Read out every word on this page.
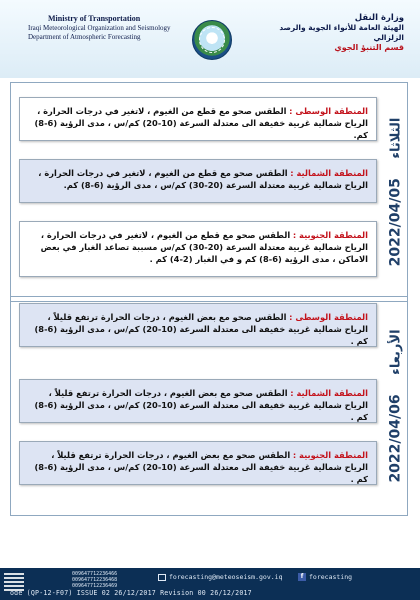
Ministry of Transportation
Iraqi Meteorological Organization and Seismology
Department of Atmospheric Forecasting
وزارة النقل
الهيئة العامة للأنواء الجوية والرصد الزلزالي
قسم التنبؤ الجوي
2022/04/05 الثلاثاء
المنطقة الوسطى : الطقس صحو مع قطع من الغيوم ، لاتغير في درجات الحرارة ، الرياح شمالية غربية خفيفة الى معتدلة السرعة (10-20) كم/س ، مدى الرؤية (6-8) كم.
المنطقة الشمالية : الطقس صحو مع قطع من الغيوم ، لاتغير في درجات الحرارة ، الرياح شمالية غربية معتدلة السرعة (20-30) كم/س ، مدى الرؤية (6-8) كم.
المنطقة الجنوبية : الطقس صحو مع قطع من الغيوم ، لاتغير في درجات الحرارة ، الرياح شمالية غربية معتدلة السرعة (20-30) كم/س مسببة تصاعد الغبار في بعض الاماكن ، مدى الرؤية (6-8) كم و في الغبار (2-4) كم .
2022/04/06 الأربعاء
المنطقة الوسطى : الطقس صحو مع بعض الغيوم ، درجات الحرارة ترتفع قليلاً ، الرياح شمالية غربية خفيفة الى معتدلة السرعة (10-20) كم/س ، مدى الرؤية (6-8) كم .
المنطقة الشمالية : الطقس صحو مع بعض الغيوم ، درجات الحرارة ترتفع قليلاً ، الرياح شمالية غربية خفيفة الى معتدلة السرعة (10-20) كم/س ، مدى الرؤية (6-8) كم .
المنطقة الجنوبية : الطقس صحو مع بعض الغيوم ، درجات الحرارة ترتفع قليلاً ، الرياح شمالية غربية خفيفة الى معتدلة السرعة (10-20) كم/س ، مدى الرؤية (6-8) كم .
009647712236466
009647712236468
009647712236469
forecasting@meteoseism.gov.iq	f forecasting
ode (QP-12-F07) ISSUE 02 26/12/2017 Revision 00 26/12/2017
